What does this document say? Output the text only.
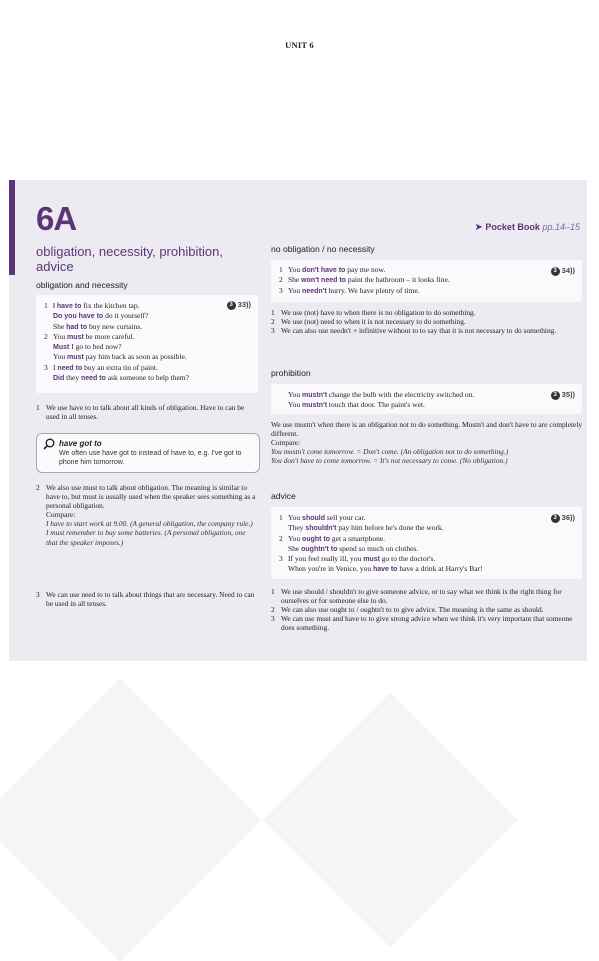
UNIT 6
6A
obligation, necessity, prohibition, advice
➤ Pocket Book pp.14–15
obligation and necessity
3 33))
1 I have to fix the kitchen tap.
Do you have to do it yourself?
She had to buy new curtains.
2 You must be more careful.
Must I go to bed now?
You must pay him back as soon as possible.
3 I need to buy an extra tin of paint.
Did they need to ask someone to help them?
1 We use have to to talk about all kinds of obligation. Have to can be used in all tenses.
have got to
We often use have got to instead of have to, e.g. I've got to phone him tomorrow.
2 We also use must to talk about obligation. The meaning is similar to have to, but must is usually used when the speaker sees something as a personal obligation.
Compare:
I have to start work at 9.00. (A general obligation, the company rule.)
I must remember to buy some batteries. (A personal obligation, one that the speaker imposes.)
3 We can use need to to talk about things that are necessary. Need to can be used in all tenses.
no obligation / no necessity
3 34))
1 You don't have to pay me now.
2 She won't need to paint the bathroom – it looks fine.
3 You needn't hurry. We have plenty of time.
1 We use (not) have to when there is no obligation to do something.
2 We use (not) need to when it is not necessary to do something.
3 We can also use needn't + infinitive without to to say that it is not necessary to do something.
prohibition
3 35))
You mustn't change the bulb with the electricity switched on.
You mustn't touch that door. The paint's wet.
We use mustn't when there is an obligation not to do something. Mustn't and don't have to are completely different.
Compare:
You mustn't come tomorrow. = Don't come. (An obligation not to do something.)
You don't have to come tomorrow. = It's not necessary to come. (No obligation.)
advice
3 36))
1 You should sell your car.
They shouldn't pay him before he's done the work.
2 You ought to get a smartphone.
She oughtn't to spend so much on clothes.
3 If you feel really ill, you must go to the doctor's.
When you're in Venice, you have to have a drink at Harry's Bar!
1 We use should / shouldn't to give someone advice, or to say what we think is the right thing for ourselves or for someone else to do.
2 We can also use ought to / oughtn't to to give advice. The meaning is the same as should.
3 We can use must and have to to give strong advice when we think it's very important that someone does something.
